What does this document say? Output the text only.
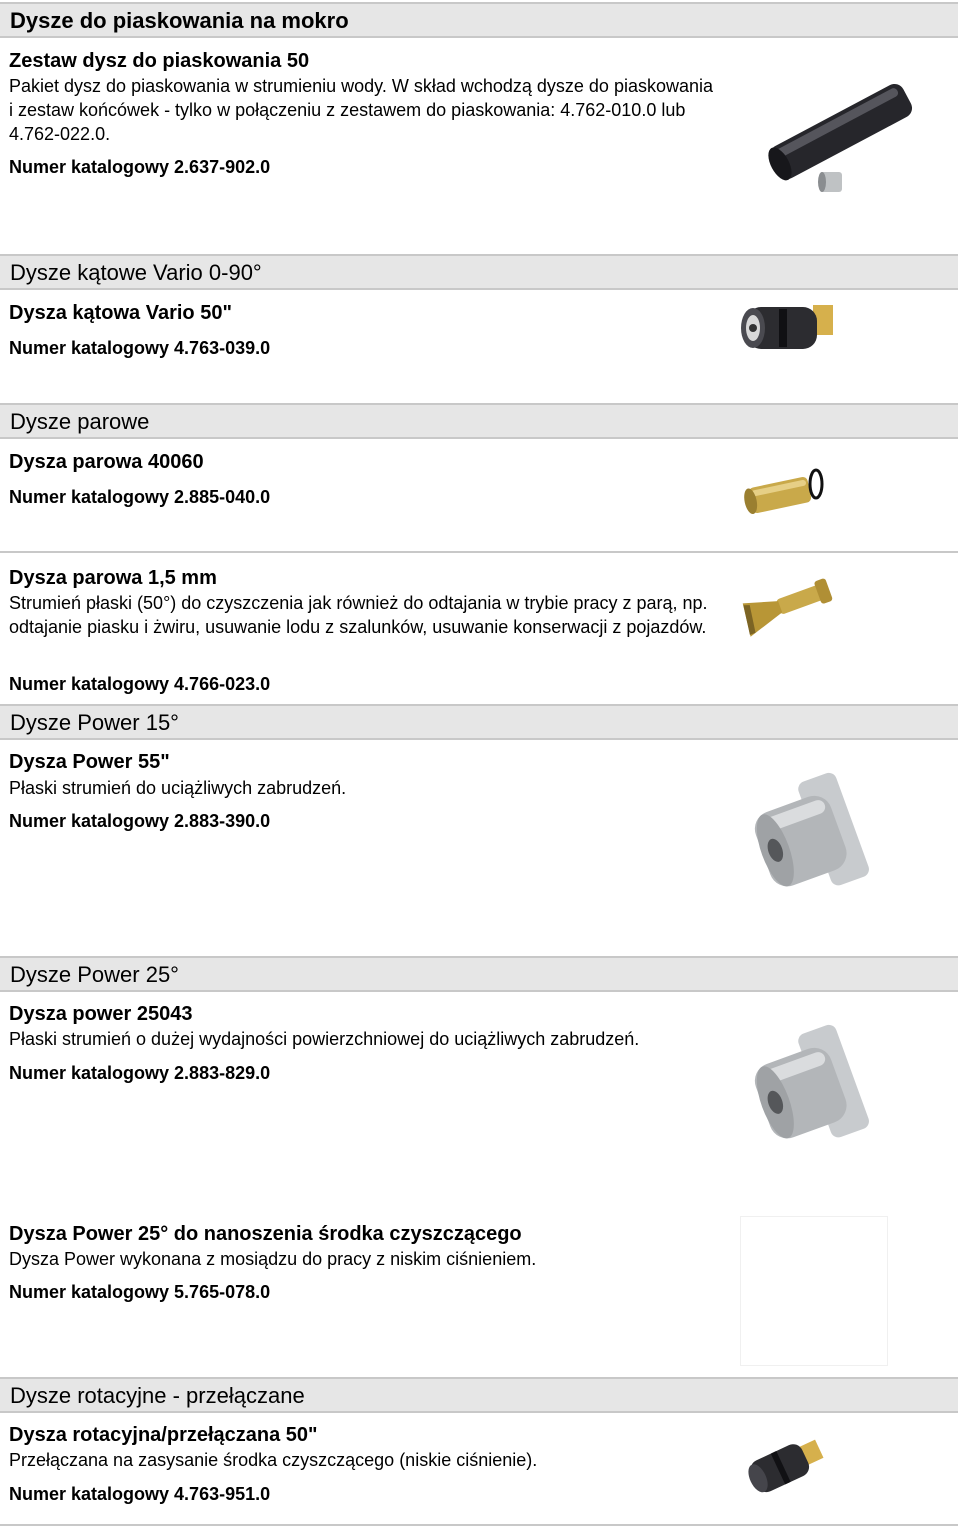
Dysze do piaskowania na mokro
Zestaw dysz do piaskowania 50
Pakiet dysz do piaskowania w strumieniu wody. W skład wchodzą dysze do piaskowania i zestaw końcówek - tylko w połączeniu z zestawem do piaskowania: 4.762-010.0 lub 4.762-022.0.
Numer katalogowy 2.637-902.0
Dysze kątowe Vario 0-90°
Dysza kątowa Vario 50"
Numer katalogowy 4.763-039.0
Dysze parowe
Dysza parowa 40060
Numer katalogowy 2.885-040.0
Dysza parowa 1,5 mm
Strumień płaski (50°) do czyszczenia jak również do odtajania w trybie pracy z parą, np. odtajanie piasku i żwiru, usuwanie lodu z szalunków, usuwanie konserwacji z pojazdów.
Numer katalogowy 4.766-023.0
Dysze Power 15°
Dysza Power 55"
Płaski strumień do uciążliwych zabrudzeń.
Numer katalogowy 2.883-390.0
Dysze Power 25°
Dysza power 25043
Płaski strumień o dużej wydajności powierzchniowej do uciążliwych zabrudzeń.
Numer katalogowy 2.883-829.0
Dysza Power 25° do nanoszenia środka czyszczącego
Dysza Power wykonana z mosiądzu do pracy z niskim ciśnieniem.
Numer katalogowy 5.765-078.0
Dysze rotacyjne - przełączane
Dysza rotacyjna/przełączana 50"
Przełączana na zasysanie środka czyszczącego (niskie ciśnienie).
Numer katalogowy 4.763-951.0
